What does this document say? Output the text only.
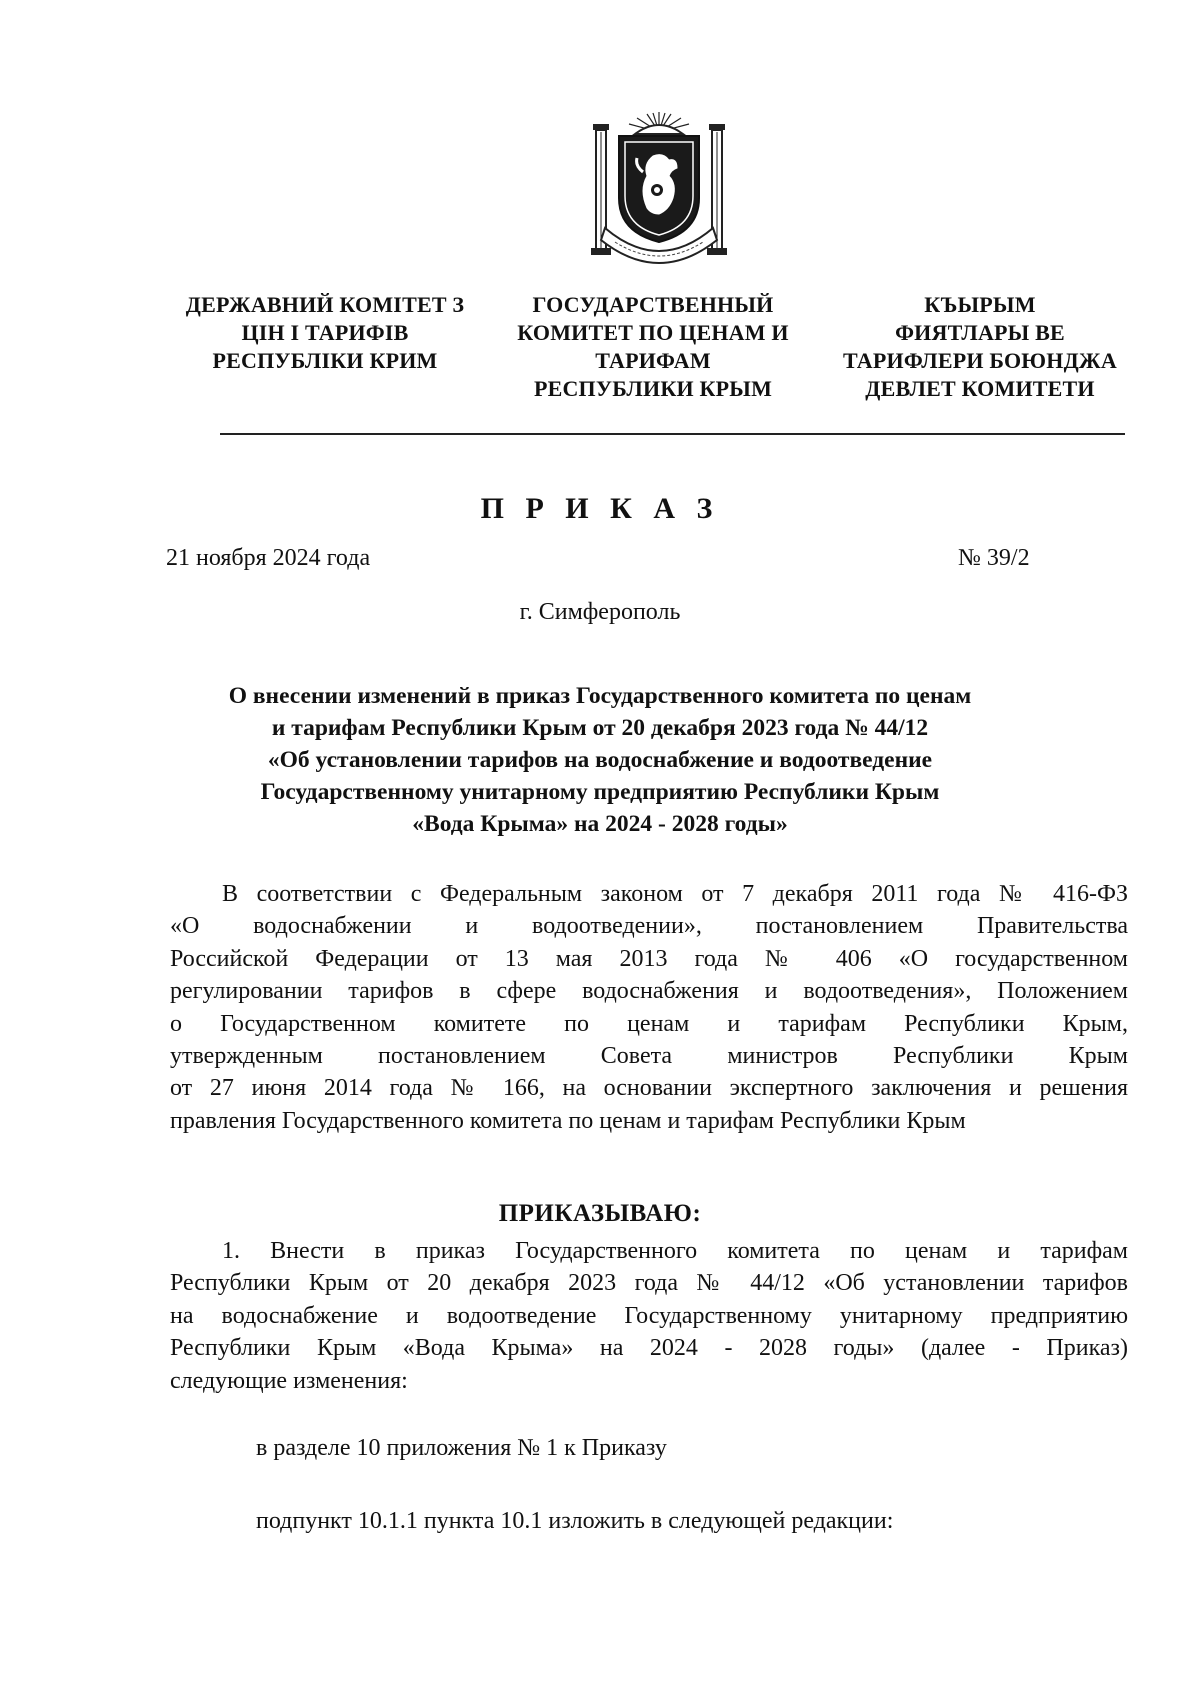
ДЕРЖАВНИЙ КОМІТЕТ З
ЦІН І ТАРИФІВ
РЕСПУБЛІКИ КРИМ
ГОСУДАРСТВЕННЫЙ
КОМИТЕТ ПО ЦЕНАМ И
ТАРИФАМ
РЕСПУБЛИКИ КРЫМ
КЪЫРЫМ
ФИЯТЛАРЫ ВЕ
ТАРИФЛЕРИ БОЮНДЖА
ДЕВЛЕТ КОМИТЕТИ
П Р И К А З
21 ноября 2024 года	№ 39/2
г. Симферополь
О внесении изменений в приказ Государственного комитета по ценам
и тарифам Республики Крым от 20 декабря 2023 года № 44/12
«Об установлении тарифов на водоснабжение и водоотведение
Государственному унитарному предприятию Республики Крым
«Вода Крыма» на 2024 - 2028 годы»
В соответствии с Федеральным законом от 7 декабря 2011 года № 416-ФЗ
«О водоснабжении и водоотведении», постановлением Правительства
Российской Федерации от 13 мая 2013 года № 406 «О государственном
регулировании тарифов в сфере водоснабжения и водоотведения», Положением
о Государственном комитете по ценам и тарифам Республики Крым,
утвержденным постановлением Совета министров Республики Крым
от 27 июня 2014 года № 166, на основании экспертного заключения и решения
правления Государственного комитета по ценам и тарифам Республики Крым
ПРИКАЗЫВАЮ:
1. Внести в приказ Государственного комитета по ценам и тарифам
Республики Крым от 20 декабря 2023 года № 44/12 «Об установлении тарифов
на водоснабжение и водоотведение Государственному унитарному предприятию
Республики Крым «Вода Крыма» на 2024 - 2028 годы» (далее - Приказ)
следующие изменения:
в разделе 10 приложения № 1 к Приказу
подпункт 10.1.1 пункта 10.1 изложить в следующей редакции:
